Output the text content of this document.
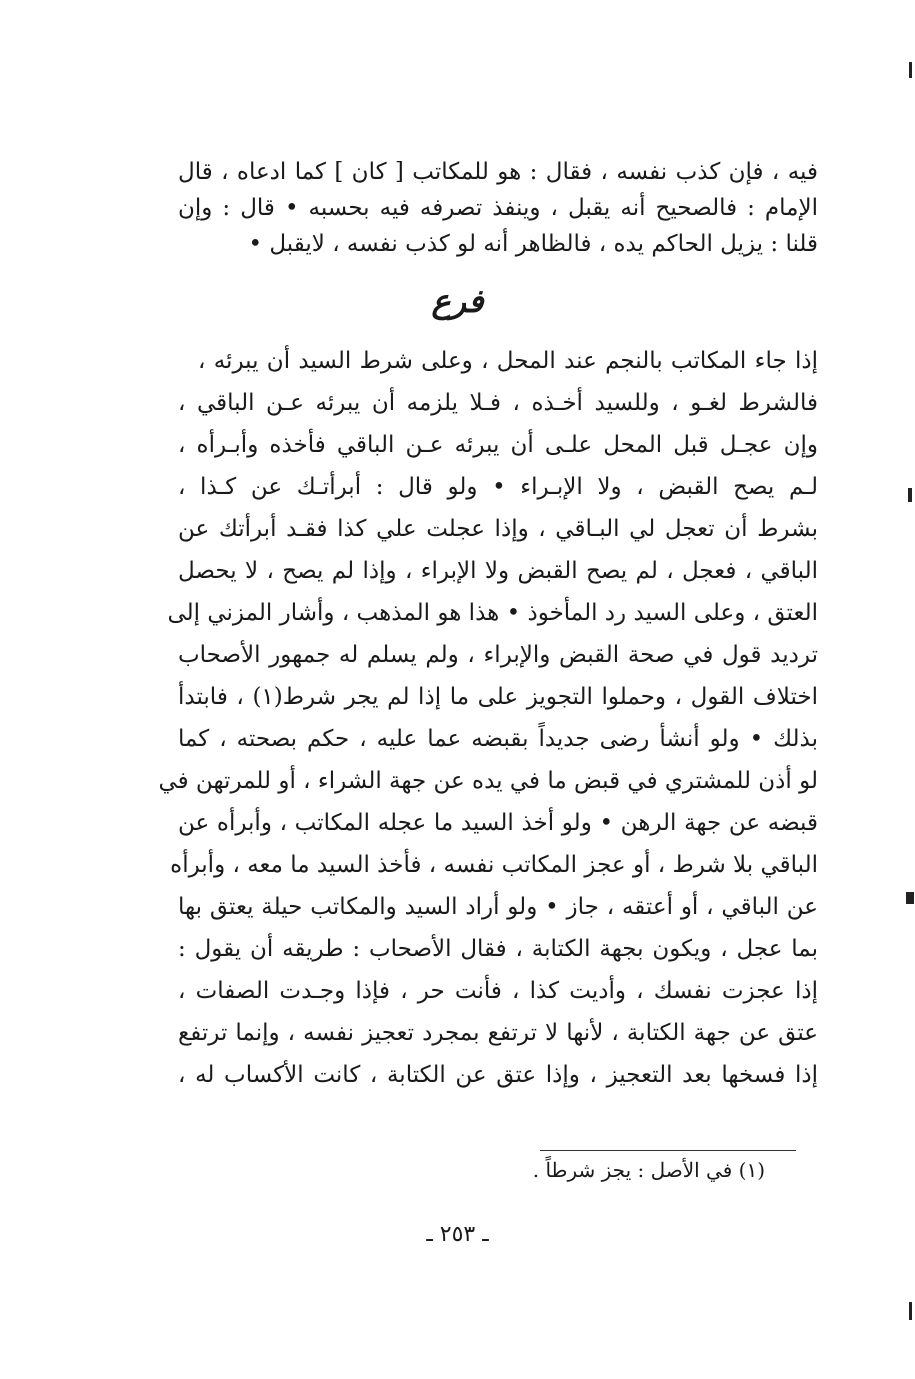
فيه ، فإن كذب نفسه ، فقال : هو للمكاتب [ كان ] كما ادعاه ، قال
الإمام : فالصحيح أنه يقبل ، وينفذ تصرفه فيه بحسبه • قال : وإن
قلنا : يزيل الحاكم يده ، فالظاهر أنه لو كذب نفسه ، لايقبل •
فرع
إذا جاء المكاتب بالنجم عند المحل ، وعلى شرط السيد أن يبرئه ،
فالشرط لغـو ، وللسيد أخـذه ، فـلا يلزمه أن يبرئه عـن الباقي ،
وإن عجـل قبل المحل علـى أن يبرئه عـن الباقي فأخذه وأبـرأه ،
لـم يصح القبض ، ولا الإبـراء • ولو قال : أبرأتـك عن كـذا ،
بشرط أن تعجل لي البـاقي ، وإذا عجلت علي كذا فقـد أبرأتك عن
الباقي ، فعجل ، لم يصح القبض ولا الإبراء ، وإذا لم يصح ، لا يحصل
العتق ، وعلى السيد رد المأخوذ • هذا هو المذهب ، وأشار المزني إلى
ترديد قول في صحة القبض والإبراء ، ولم يسلم له جمهور الأصحاب
اختلاف القول ، وحملوا التجويز على ما إذا لم يجر شرط(١) ، فابتدأ
بذلك • ولو أنشأ رضى جديداً بقبضه عما عليه ، حكم بصحته ، كما
لو أذن للمشتري في قبض ما في يده عن جهة الشراء ، أو للمرتهن في
قبضه عن جهة الرهن • ولو أخذ السيد ما عجله المكاتب ، وأبرأه عن
الباقي بلا شرط ، أو عجز المكاتب نفسه ، فأخذ السيد ما معه ، وأبرأه
عن الباقي ، أو أعتقه ، جاز • ولو أراد السيد والمكاتب حيلة يعتق بها
بما عجل ، ويكون بجهة الكتابة ، فقال الأصحاب : طريقه أن يقول :
إذا عجزت نفسك ، وأديت كذا ، فأنت حر ، فإذا وجـدت الصفات ،
عتق عن جهة الكتابة ، لأنها لا ترتفع بمجرد تعجيز نفسه ، وإنما ترتفع
إذا فسخها بعد التعجيز ، وإذا عتق عن الكتابة ، كانت الأكساب له ،
(١) في الأصل : يجز شرطاً .
ـ ٢٥٣ ـ
